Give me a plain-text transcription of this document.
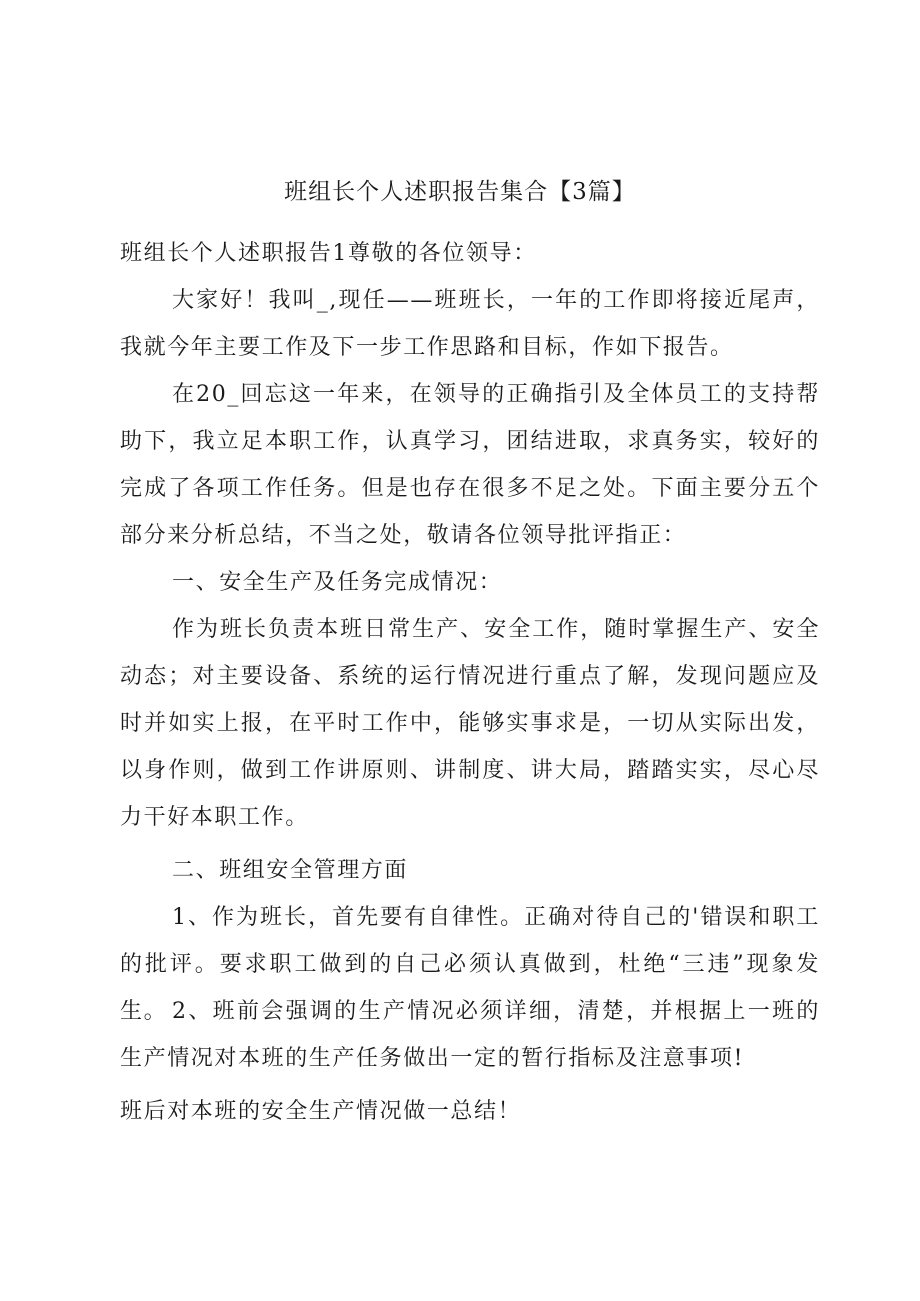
班组长个人述职报告集合【3篇】

班组长个人述职报告1尊敬的各位领导：

大家好！我叫_,现任——班班长，一年的工作即将接近尾声，我就今年主要工作及下一步工作思路和目标，作如下报告。

在20_回忘这一年来，在领导的正确指引及全体员工的支持帮助下，我立足本职工作，认真学习，团结进取，求真务实，较好的完成了各项工作任务。但是也存在很多不足之处。下面主要分五个部分来分析总结，不当之处，敬请各位领导批评指正：

一、安全生产及任务完成情况：

作为班长负责本班日常生产、安全工作，随时掌握生产、安全动态；对主要设备、系统的运行情况进行重点了解，发现问题应及时并如实上报，在平时工作中，能够实事求是，一切从实际出发，以身作则，做到工作讲原则、讲制度、讲大局，踏踏实实，尽心尽力干好本职工作。

二、班组安全管理方面

1、作为班长，首先要有自律性。正确对待自己的'错误和职工的批评。要求职工做到的自己必须认真做到，杜绝“三违”现象发生。 2、班前会强调的生产情况必须详细，清楚，并根据上一班的生产情况对本班的生产任务做出一定的暂行指标及注意事项!

班后对本班的安全生产情况做一总结！
